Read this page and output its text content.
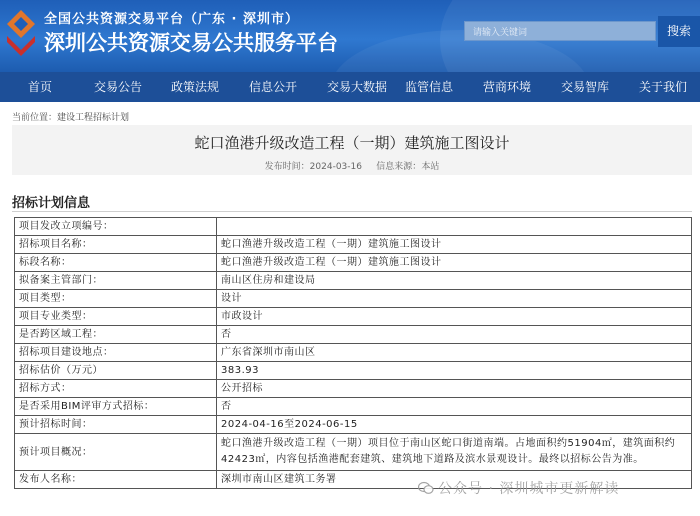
全国公共资源交易平台（广东 · 深圳市）
深圳公共资源交易公共服务平台	请输入关键词	搜索
首页	交易公告	政策法规	信息公开	交易大数据	监管信息	营商环境	交易智库	关于我们
当前位置：建设工程招标计划
蛇口渔港升级改造工程（一期）建筑施工图设计
发布时间：2024-03-16 信息来源：本站
招标计划信息
项目发改立项编号：	
招标项目名称：	蛇口渔港升级改造工程（一期）建筑施工图设计
标段名称：	蛇口渔港升级改造工程（一期）建筑施工图设计
拟备案主管部门：	南山区住房和建设局
项目类型：	设计
项目专业类型：	市政设计
是否跨区域工程：	否
招标项目建设地点：	广东省深圳市南山区
招标估价（万元）	383.93
招标方式：	公开招标
是否采用BIM评审方式招标：	否
预计招标时间：	2024-04-16至2024-06-15
预计项目概况：	蛇口渔港升级改造工程（一期）项目位于南山区蛇口街道南端。占地面积约51904㎡，建筑面积约42423㎡，内容包括渔港配套建筑、建筑地下道路及滨水景观设计。最终以招标公告为准。
发布人名称：	深圳市南山区建筑工务署
公众号 · 深圳城市更新解读
